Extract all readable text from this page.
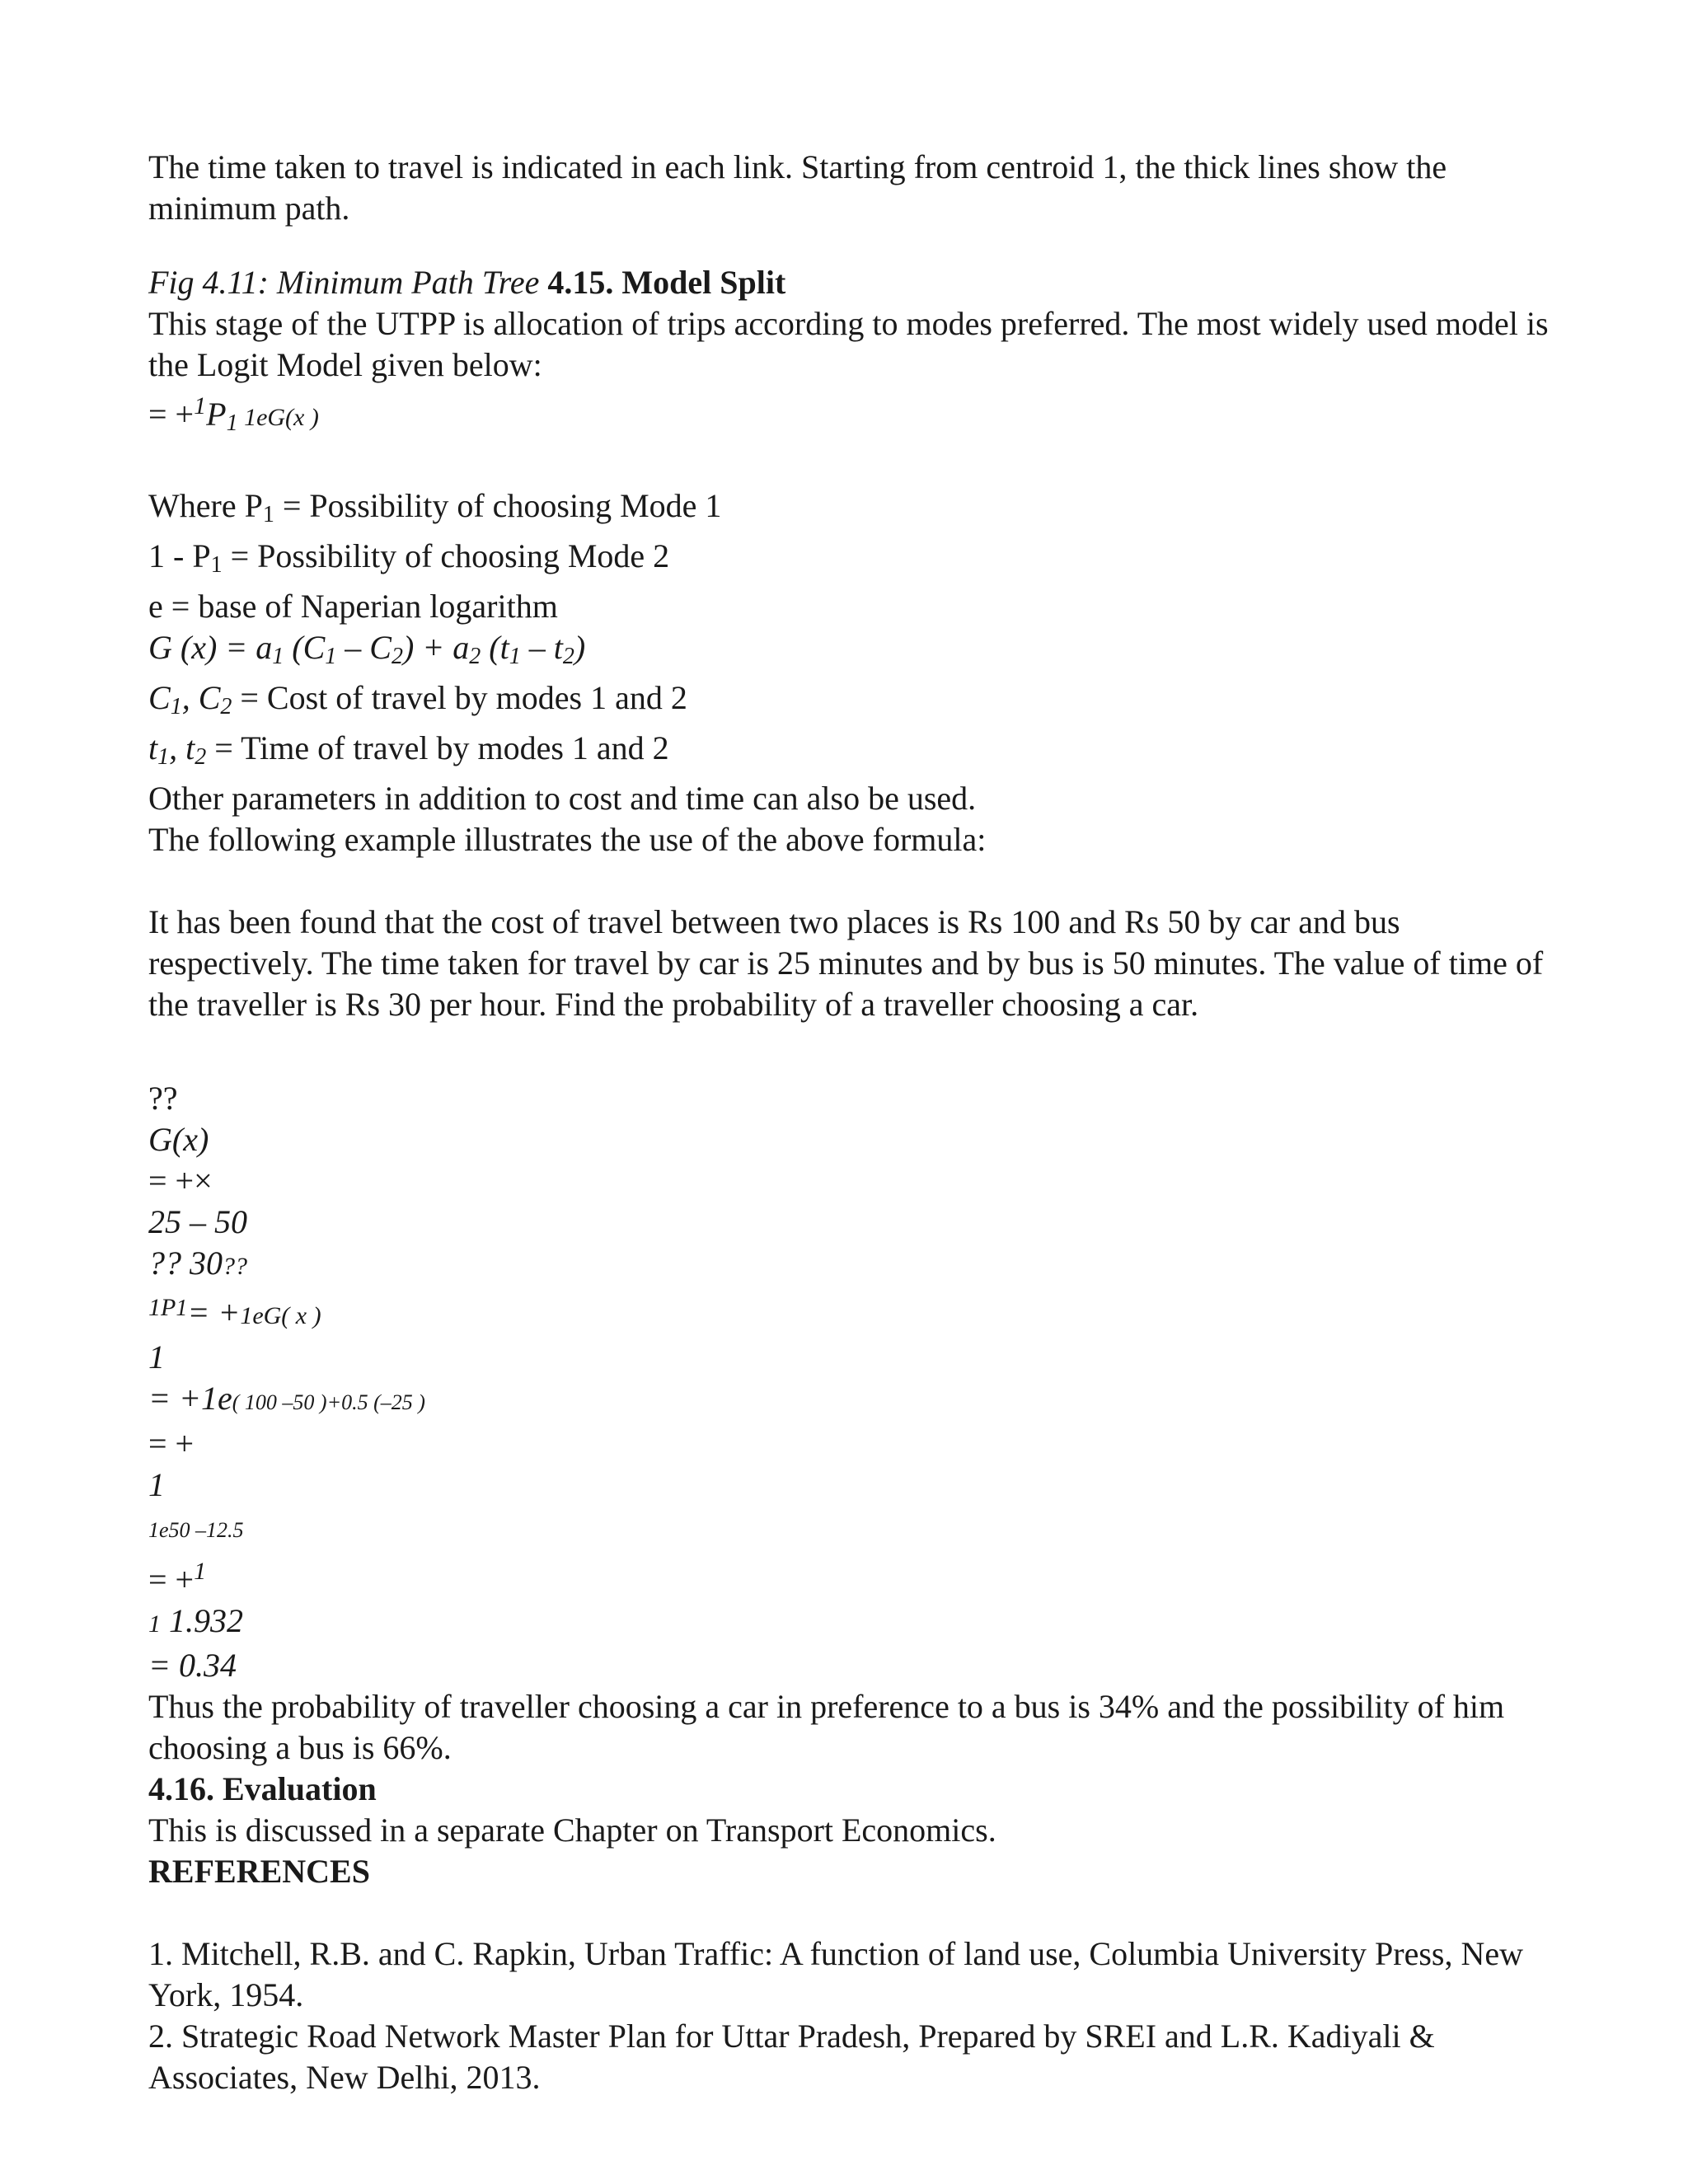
The time taken to travel is indicated in each link. Starting from centroid 1, the thick lines show the minimum path.

Fig 4.11: Minimum Path Tree 4.15. Model Split

This stage of the UTPP is allocation of trips according to modes preferred. The most widely used model is the Logit Model given below:

= $+^1P_1$ 1eG(x )

Where $P_1$ = Possibility of choosing Mode 1

$1 - P_1$ = Possibility of choosing Mode 2

e = base of Naperian logarithm

G $(x) = a_1$ $(C_1 - C_2) + a_2$ $(t_1 - t_2)$

$C_1$, $C_2$ = Cost of travel by modes 1 and 2

$t_1$, $t_2$ = Time of travel by modes 1 and 2

Other parameters in addition to cost and time can also be used.

The following example illustrates the use of the above formula:

It has been found that the cost of travel between two places is Rs 100 and Rs 50 by car and bus respectively. The time taken for travel by car is 25 minutes and by bus is 50 minutes. The value of time of the traveller is Rs 30 per hour. Find the probability of a traveller choosing a car.

??

G(x)

= +×

25 – 50

?? 30??

$^{1P1}$= +1eG( x )

1

= +1e( 100 –50 )+0.5 (–25 )

= +

1

1e50 –12.5

= +$^1$

1 1.932

= 0.34

Thus the probability of traveller choosing a car in preference to a bus is 34% and the possibility of him choosing a bus is 66%.

4.16. Evaluation

This is discussed in a separate Chapter on Transport Economics.

REFERENCES

1. Mitchell, R.B. and C. Rapkin, Urban Traffic: A function of land use, Columbia University Press, New York, 1954.

2. Strategic Road Network Master Plan for Uttar Pradesh, Prepared by SREI and L.R. Kadiyali & Associates, New Delhi, 2013.
